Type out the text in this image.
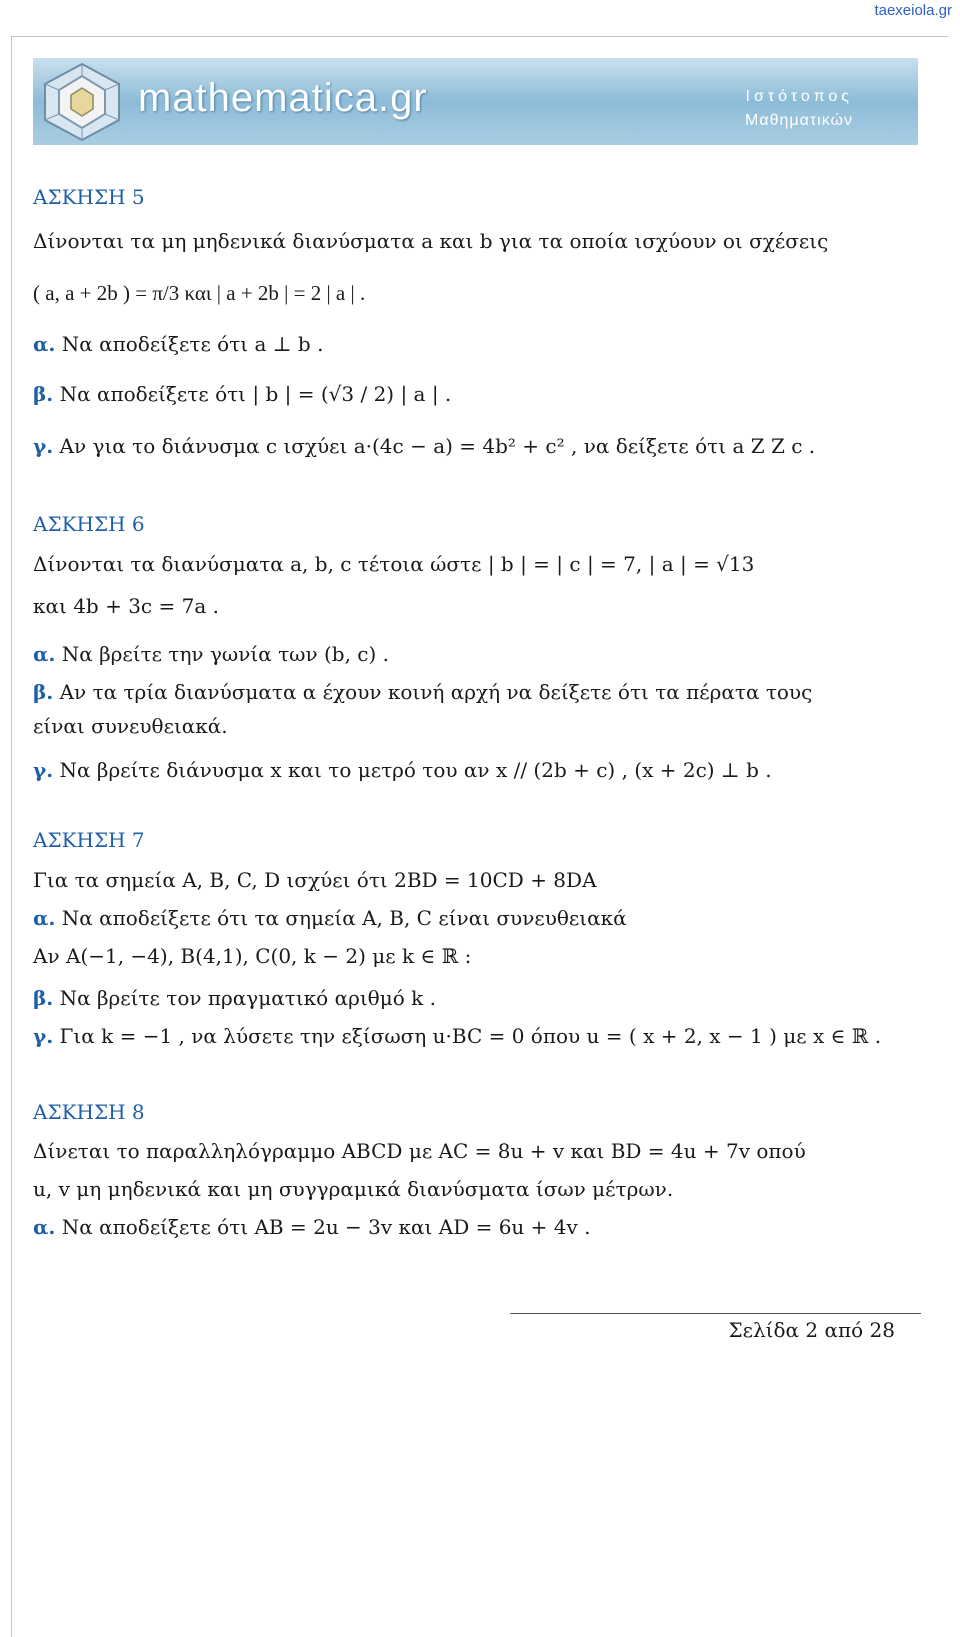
taexeiola.gr
mathematica.gr	Ιστότοπος
Μαθηματικών
ΑΣΚΗΣΗ 5
Δίνονται τα μη μηδενικά διανύσματα a και b για τα οποία ισχύουν οι σχέσεις
( a, a + 2b ) = π/3 και | a + 2b | = 2 | a | .
α. Να αποδείξετε ότι a ⊥ b .
β. Να αποδείξετε ότι | b | = (√3 / 2) | a | .
γ. Αν για το διάνυσμα c ισχύει a·(4c − a) = 4b² + c² , να δείξετε ότι a Ζ Ζ c .
ΑΣΚΗΣΗ 6
Δίνονται τα διανύσματα a, b, c τέτοια ώστε | b | = | c | = 7, | a | = √13
και 4b + 3c = 7a .
α. Να βρείτε την γωνία των (b, c) .
β. Αν τα τρία διανύσματα α έχουν κοινή αρχή να δείξετε ότι τα πέρατα τους
είναι συνευθειακά.
γ. Να βρείτε διάνυσμα x και το μετρό του αν x // (2b + c) , (x + 2c) ⊥ b .
ΑΣΚΗΣΗ 7
Για τα σημεία A, B, C, D ισχύει ότι 2BD = 10CD + 8DA
α. Να αποδείξετε ότι τα σημεία A, B, C είναι συνευθειακά
Αν A(−1, −4), B(4,1), C(0, k − 2) με k ∈ ℝ :
β. Να βρείτε τον πραγματικό αριθμό k .
γ. Για k = −1 , να λύσετε την εξίσωση u·BC = 0 όπου u = ( x + 2, x − 1 ) με x ∈ ℝ .
ΑΣΚΗΣΗ 8
Δίνεται το παραλληλόγραμμο ABCD με AC = 8u + v και BD = 4u + 7v οπού
u, v μη μηδενικά και μη συγγραμικά διανύσματα ίσων μέτρων.
α. Να αποδείξετε ότι AB = 2u − 3v και AD = 6u + 4v .
Σελίδα 2 από 28
